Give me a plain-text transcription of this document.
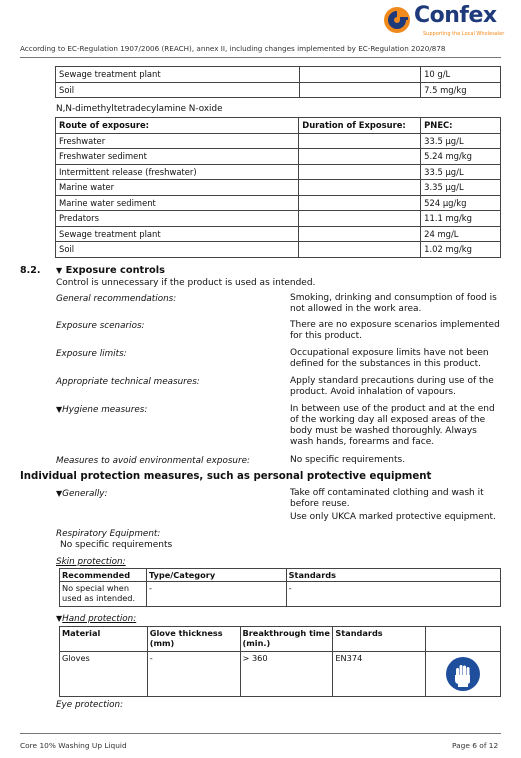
Confex
Supporting the Local Wholesaler
According to EC-Regulation 1907/2006 (REACH), annex II, including changes implemented by EC-Regulation 2020/878
Sewage treatment plant		10 g/L
Soil		7.5 mg/kg
N,N-dimethyltetradecylamine N-oxide
Route of exposure:	Duration of Exposure:	PNEC:
Freshwater		33.5 µg/L
Freshwater sediment		5.24 mg/kg
Intermittent release (freshwater)		33.5 µg/L
Marine water		3.35 µg/L
Marine water sediment		524 µg/kg
Predators		11.1 mg/kg
Sewage treatment plant		24 mg/L
Soil		1.02 mg/kg
8.2. ▼ Exposure controls
Control is unnecessary if the product is used as intended.
General recommendations:	Smoking, drinking and consumption of food is not allowed in the work area.
Exposure scenarios:	There are no exposure scenarios implemented for this product.
Exposure limits:	Occupational exposure limits have not been defined for the substances in this product.
Appropriate technical measures:	Apply standard precautions during use of the product. Avoid inhalation of vapours.
▼Hygiene measures:	In between use of the product and at the end of the working day all exposed areas of the body must be washed thoroughly. Always wash hands, forearms and face.
Measures to avoid environmental exposure:	No specific requirements.
Individual protection measures, such as personal protective equipment
▼Generally:	Take off contaminated clothing and wash it before reuse.
Use only UKCA marked protective equipment.
Respiratory Equipment:
No specific requirements
Skin protection:
Recommended	Type/Category	Standards
No special when used as intended.	-	-
▼Hand protection:
Material	Glove thickness (mm)	Breakthrough time (min.)	Standards	
Gloves	-	> 360	EN374	
Eye protection:
Core 10% Washing Up Liquid	Page 6 of 12
